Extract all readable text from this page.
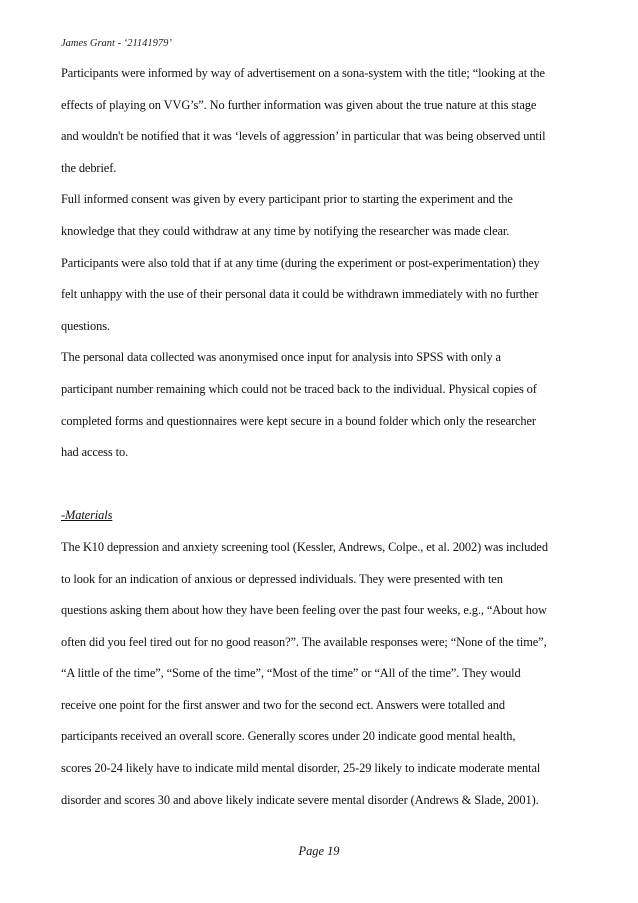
James Grant - ‘21141979’
Participants were informed by way of advertisement on a sona-system with the title; “looking at the
effects of playing on VVG’s”. No further information was given about the true nature at this stage
and wouldn't be notified that it was ‘levels of aggression’ in particular that was being observed until
the debrief.
Full informed consent was given by every participant prior to starting the experiment and the
knowledge that they could withdraw at any time by notifying the researcher was made clear.
Participants were also told that if at any time (during the experiment or post-experimentation) they
felt unhappy with the use of their personal data it could be withdrawn immediately with no further
questions.
The personal data collected was anonymised once input for analysis into SPSS with only a
participant number remaining which could not be traced back to the individual. Physical copies of
completed forms and questionnaires were kept secure in a bound folder which only the researcher
had access to.
-Materials
The K10 depression and anxiety screening tool (Kessler, Andrews, Colpe., et al. 2002) was included
to look for an indication of anxious or depressed individuals. They were presented with ten
questions asking them about how they have been feeling over the past four weeks, e.g., “About how
often did you feel tired out for no good reason?”. The available responses were; “None of the time”,
“A little of the time”, “Some of the time”, “Most of the time” or “All of the time”. They would
receive one point for the first answer and two for the second ect. Answers were totalled and
participants received an overall score. Generally scores under 20 indicate good mental health,
scores 20-24 likely have to indicate mild mental disorder, 25-29 likely to indicate moderate mental
disorder and scores 30 and above likely indicate severe mental disorder (Andrews & Slade, 2001).
Page 19
